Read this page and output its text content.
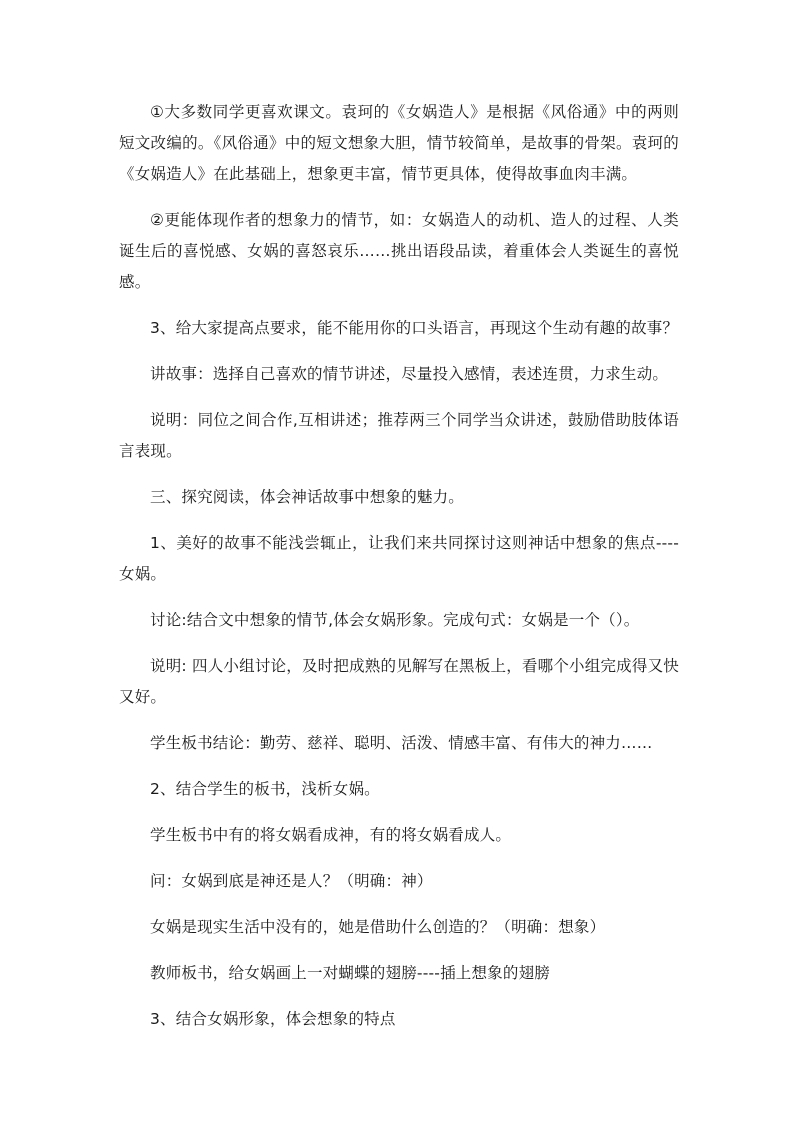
①大多数同学更喜欢课文。袁珂的《女娲造人》是根据《风俗通》中的两则短文改编的。《风俗通》中的短文想象大胆，情节较简单，是故事的骨架。袁珂的《女娲造人》在此基础上，想象更丰富，情节更具体，使得故事血肉丰满。

②更能体现作者的想象力的情节，如：女娲造人的动机、造人的过程、人类诞生后的喜悦感、女娲的喜怒哀乐……挑出语段品读，着重体会人类诞生的喜悦感。

3、给大家提高点要求，能不能用你的口头语言，再现这个生动有趣的故事？

讲故事：选择自己喜欢的情节讲述，尽量投入感情，表述连贯，力求生动。

说明：同位之间合作,互相讲述；推荐两三个同学当众讲述，鼓励借助肢体语言表现。

三、探究阅读，体会神话故事中想象的魅力。

1、美好的故事不能浅尝辄止，让我们来共同探讨这则神话中想象的焦点----女娲。

讨论:结合文中想象的情节,体会女娲形象。完成句式：女娲是一个（）。

说明: 四人小组讨论，及时把成熟的见解写在黑板上，看哪个小组完成得又快又好。

学生板书结论：勤劳、慈祥、聪明、活泼、情感丰富、有伟大的神力……

2、结合学生的板书，浅析女娲。

学生板书中有的将女娲看成神，有的将女娲看成人。

问：女娲到底是神还是人？（明确：神）

女娲是现实生活中没有的，她是借助什么创造的？（明确：想象）

教师板书，给女娲画上一对蝴蝶的翅膀----插上想象的翅膀

3、结合女娲形象，体会想象的特点
